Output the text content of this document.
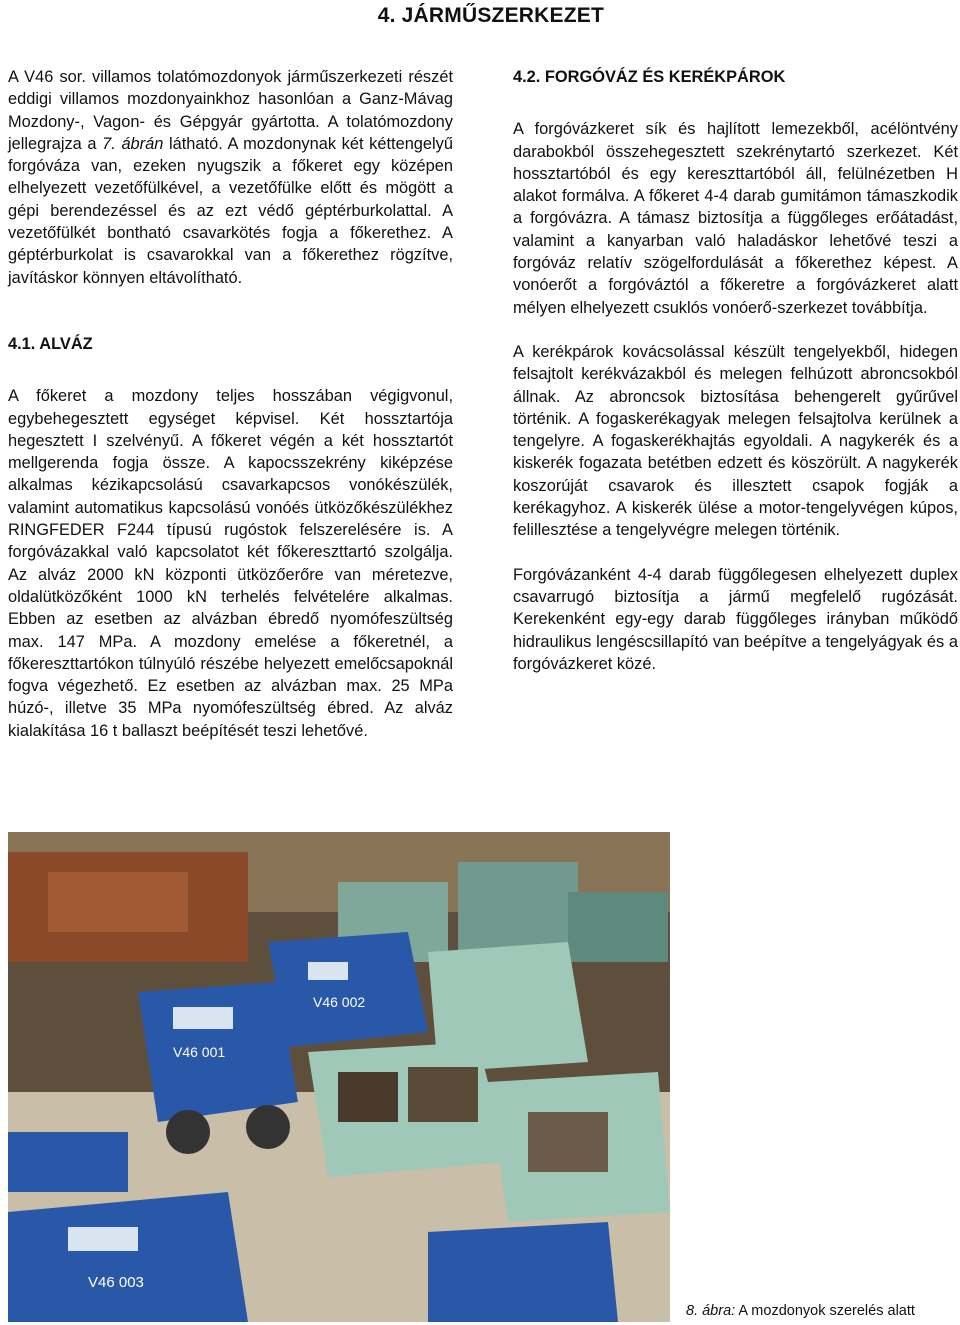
4. JÁRMŰSZERKEZET

A V46 sor. villamos tolatómozdonyok járműszerkezeti részét eddigi villamos mozdonyainkhoz hasonlóan a Ganz-Mávag Mozdony-, Vagon- és Gépgyár gyártotta. A tolatómozdony jellegrajza a 7. ábrán látható. A mozdonynak két kéttengelyű forgóváza van, ezeken nyugszik a főkeret egy középen elhelyezett vezetőfülkével, a vezetőfülke előtt és mögött a gépi berendezéssel és az ezt védő géptérburkolattal. A vezetőfülkét bontható csavarkötés fogja a főkerethez. A géptérburkolat is csavarokkal van a főkerethez rögzítve, javításkor könnyen eltávolítható.

4.1. ALVÁZ

A főkeret a mozdony teljes hosszában végigvonul, egybehegesztett egységet képvisel. Két hossztartója hegesztett I szelvényű. A főkeret végén a két hossztartót mellgerenda fogja össze. A kapocsszekrény kiképzése alkalmas kézikapcsolású csavarkapcsos vonókészülék, valamint automatikus kapcsolású vonóés ütközőkészülékhez RINGFEDER F244 típusú rugóstok felszerelésére is. A forgóvázakkal való kapcsolatot két főkereszttartó szolgálja. Az alváz 2000 kN központi ütközőerőre van méretezve, oldalütközőként 1000 kN terhelés felvételére alkalmas. Ebben az esetben az alvázban ébredő nyomófeszültség max. 147 MPa. A mozdony emelése a főkeretnél, a főkereszttartókon túlnyúló részébe helyezett emelőcsapoknál fogva végezhető. Ez esetben az alvázban max. 25 MPa húzó-, illetve 35 MPa nyomófeszültség ébred. Az alváz kialakítása 16 t ballaszt beépítését teszi lehetővé.

4.2. FORGÓVÁZ ÉS KERÉKPÁROK

A forgóvázkeret sík és hajlított lemezekből, acélöntvény darabokból összehegesztett szekrénytartó szerkezet. Két hossztartóból és egy kereszttartóból áll, felülnézetben H alakot formálva. A főkeret 4-4 darab gumitámon támaszkodik a forgóvázra. A támasz biztosítja a függőleges erőátadást, valamint a kanyarban való haladáskor lehetővé teszi a forgóváz relatív szögelfordulását a főkerethez képest. A vonóerőt a forgóváztól a főkeretre a forgóvázkeret alatt mélyen elhelyezett csuklós vonóerő-szerkezet továbbítja.

A kerékpárok kovácsolással készült tengelyekből, hidegen felsajtolt kerékvázakból és melegen felhúzott abroncsokból állnak. Az abroncsok biztosítása behengerelt gyűrűvel történik. A fogaskerékagyak melegen felsajtolva kerülnek a tengelyre. A fogaskerékhajtás egyoldali. A nagykerék és a kiskerék fogazata betétben edzett és köszörült. A nagykerék koszorúját csavarok és illesztett csapok fogják a kerékagyhoz. A kiskerék ülése a motor-tengelyvégen kúpos, felillesztése a tengelyvégre melegen történik.

Forgóvázanként 4-4 darab függőlegesen elhelyezett duplex csavarrugó biztosítja a jármű megfelelő rugózását. Kerekenként egy-egy darab függőleges irányban működő hidraulikus lengéscsillapító van beépítve a tengelyágyak és a forgóvázkeret közé.

V46 002
V46 001
V46 003
8. ábra: A mozdonyok szerelés alatt
